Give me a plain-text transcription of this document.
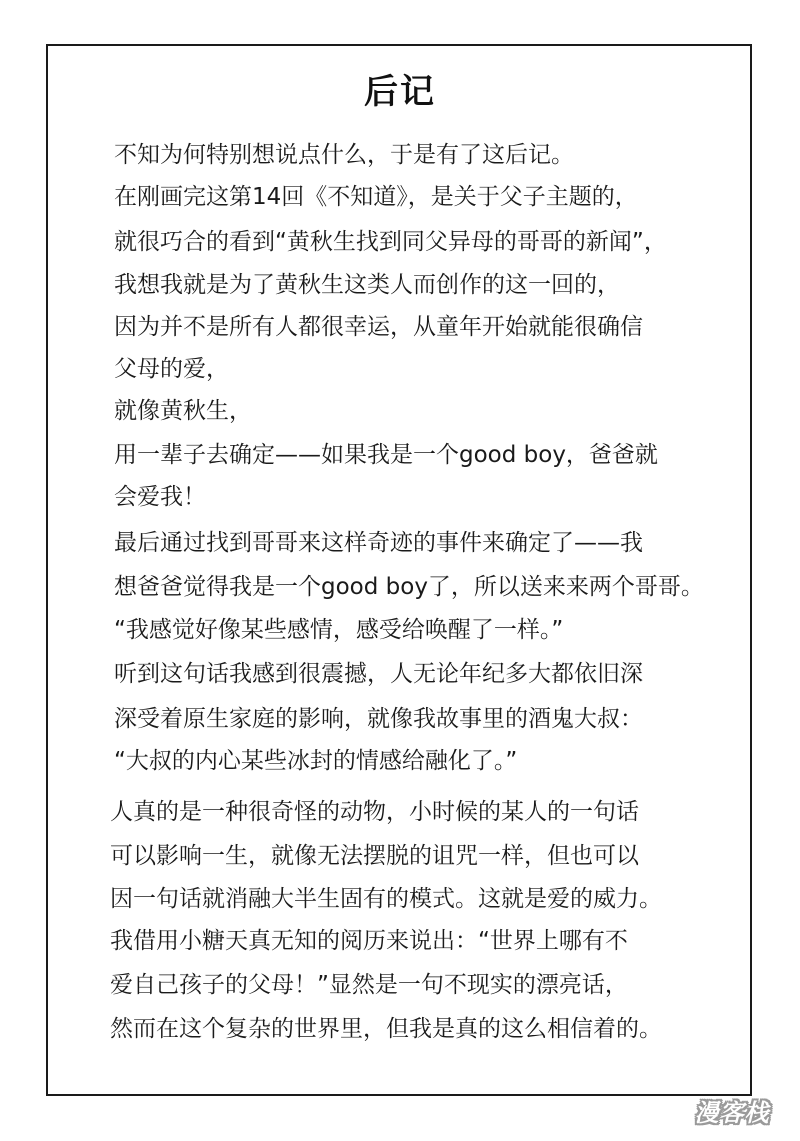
后记

不知为何特别想说点什么，于是有了这后记。

在刚画完这第14回《不知道》，是关于父子主题的，

就很巧合的看到“黄秋生找到同父异母的哥哥的新闻”，

我想我就是为了黄秋生这类人而创作的这一回的，

因为并不是所有人都很幸运，从童年开始就能很确信

父母的爱，

就像黄秋生，

用一辈子去确定——如果我是一个good boy，爸爸就

会爱我！

最后通过找到哥哥来这样奇迹的事件来确定了——我

想爸爸觉得我是一个good boy了，所以送来来两个哥哥。

“我感觉好像某些感情，感受给唤醒了一样。”

听到这句话我感到很震撼，人无论年纪多大都依旧深

深受着原生家庭的影响，就像我故事里的酒鬼大叔：

“大叔的内心某些冰封的情感给融化了。”

人真的是一种很奇怪的动物，小时候的某人的一句话

可以影响一生，就像无法摆脱的诅咒一样，但也可以

因一句话就消融大半生固有的模式。这就是爱的威力。

我借用小糖天真无知的阅历来说出：“世界上哪有不

爱自己孩子的父母！”显然是一句不现实的漂亮话，

然而在这个复杂的世界里，但我是真的这么相信着的。

漫客栈
